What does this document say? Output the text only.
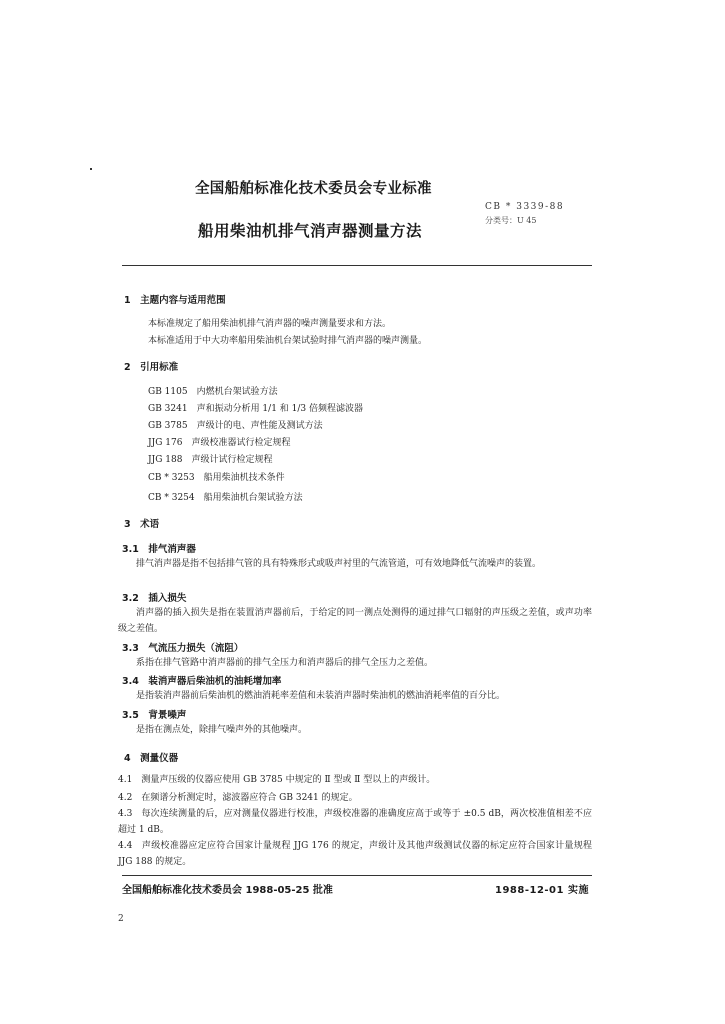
全国船舶标准化技术委员会专业标准
船用柴油机排气消声器测量方法
CB * 3339-88
分类号：U 45
1　主题内容与适用范围
本标准规定了船用柴油机排气消声器的噪声测量要求和方法。
本标准适用于中大功率船用柴油机台架试验时排气消声器的噪声测量。
2　引用标准
GB 1105　内燃机台架试验方法
GB 3241　声和振动分析用 1/1 和 1/3 倍频程滤波器
GB 3785　声级计的电、声性能及测试方法
JJG 176　声级校准器试行检定规程
JJG 188　声级计试行检定规程
CB * 3253　船用柴油机技术条件
CB * 3254　船用柴油机台架试验方法
3　术语
3.1　排气消声器
排气消声器是指不包括排气管的具有特殊形式或吸声衬里的气流管道，可有效地降低气流噪声的装置。
3.2　插入损失
消声器的插入损失是指在装置消声器前后，于给定的同一测点处测得的通过排气口辐射的声压级之差值，或声功率级之差值。
3.3　气流压力损失（流阻）
系指在排气管路中消声器前的排气全压力和消声器后的排气全压力之差值。
3.4　装消声器后柴油机的油耗增加率
是指装消声器前后柴油机的燃油消耗率差值和未装消声器时柴油机的燃油消耗率值的百分比。
3.5　背景噪声
是指在测点处，除排气噪声外的其他噪声。
4　测量仪器
4.1　测量声压级的仪器应使用 GB 3785 中规定的 Ⅱ 型或 Ⅱ 型以上的声级计。
4.2　在频谱分析测定时，滤波器应符合 GB 3241 的规定。
4.3　每次连续测量的后，应对测量仪器进行校准，声级校准器的准确度应高于或等于 ±0.5 dB，两次校准值相差不应超过 1 dB。
4.4　声级校准器应定应符合国家计量规程 JJG 176 的规定，声级计及其他声级测试仪器的标定应符合国家计量规程 JJG 188 的规定。
全国船舶标准化技术委员会 1988-05-25 批准	1988-12-01 实施
2
